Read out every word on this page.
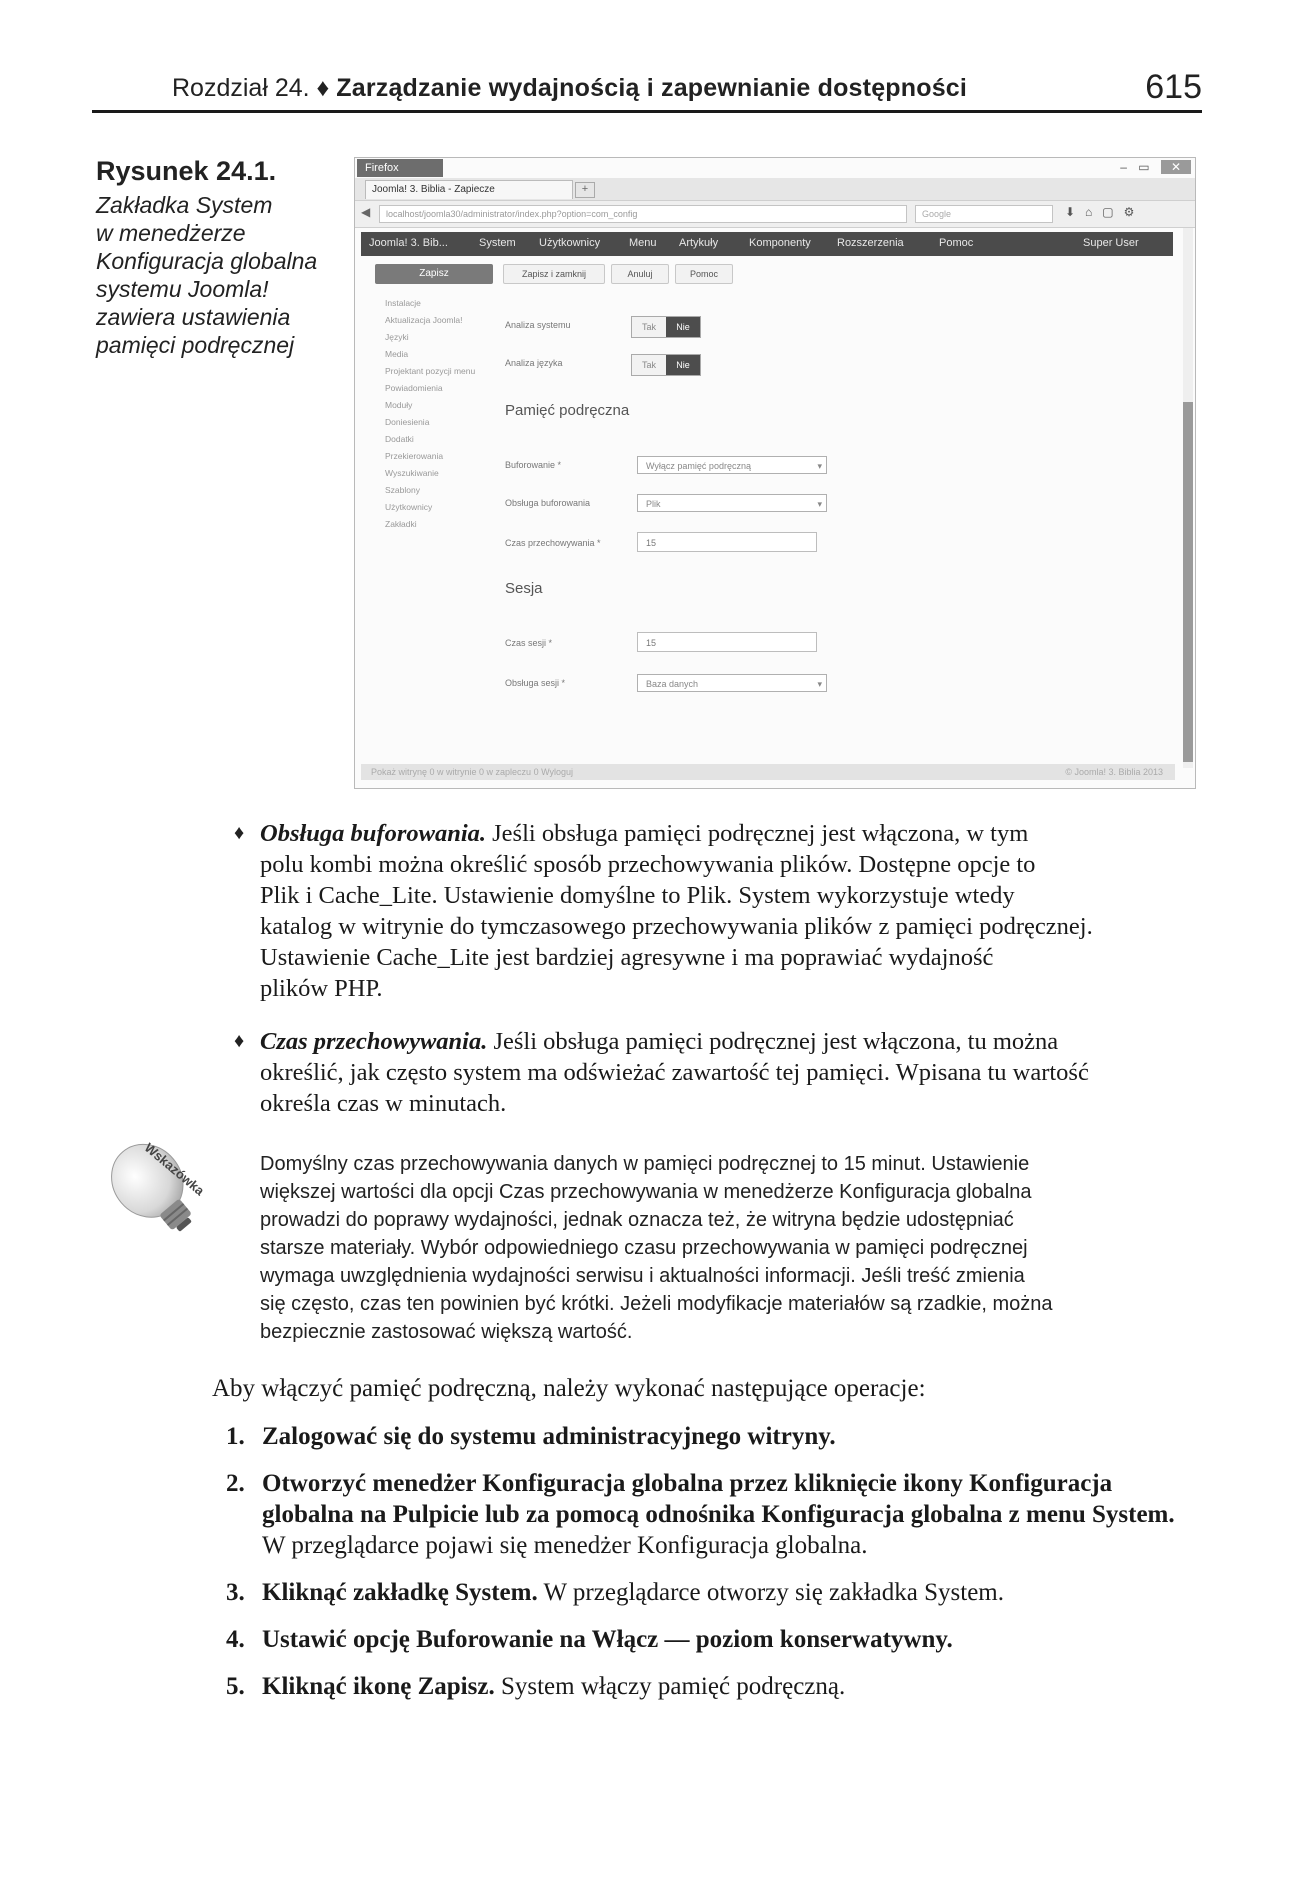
Rozdział 24. ♦ Zarządzanie wydajnością i zapewnianie dostępności	615
Rysunek 24.1.
Zakładka System
w menedżerze
Konfiguracja globalna
systemu Joomla!
zawiera ustawienia
pamięci podręcznej
Firefox	– ▭ ✕
Joomla! 3. Biblia - Zapiecze	+
◀	localhost/joomla30/administrator/index.php?option=com_config	Google	⬇⌂▢⚙
Joomla! 3. Bib...	System Użytkownicy	Menu Artykuły	Komponenty Rozszerzenia	Pomoc	Super User
Zapisz	Zapisz i zamknij	Anuluj	Pomoc
Instalacje
Aktualizacja Joomla!
Języki
Media
Projektant pozycji menu
Powiadomienia
Moduły
Doniesienia
Dodatki
Przekierowania
Wyszukiwanie
Szablony
Użytkownicy
Zakładki
Analiza systemu	Tak	Nie
Analiza języka	Tak	Nie
Pamięć podręczna
Buforowanie *	Wyłącz pamięć podręczną	▾
Obsługa buforowania	Plik	▾
Czas przechowywania *	15
Sesja
Czas sesji *	15
Obsługa sesji *	Baza danych	▾
Pokaż witrynę 0 w witrynie 0 w zapleczu 0 Wyloguj	© Joomla! 3. Biblia 2013
♦ Obsługa buforowania. Jeśli obsługa pamięci podręcznej jest włączona, w tym
polu kombi można określić sposób przechowywania plików. Dostępne opcje to
Plik i Cache_Lite. Ustawienie domyślne to Plik. System wykorzystuje wtedy
katalog w witrynie do tymczasowego przechowywania plików z pamięci podręcznej.
Ustawienie Cache_Lite jest bardziej agresywne i ma poprawiać wydajność
plików PHP.
♦ Czas przechowywania. Jeśli obsługa pamięci podręcznej jest włączona, tu można
określić, jak często system ma odświeżać zawartość tej pamięci. Wpisana tu wartość
określa czas w minutach.
Wskazówka	Domyślny czas przechowywania danych w pamięci podręcznej to 15 minut. Ustawienie
większej wartości dla opcji Czas przechowywania w menedżerze Konfiguracja globalna
prowadzi do poprawy wydajności, jednak oznacza też, że witryna będzie udostępniać
starsze materiały. Wybór odpowiedniego czasu przechowywania w pamięci podręcznej
wymaga uwzględnienia wydajności serwisu i aktualności informacji. Jeśli treść zmienia
się często, czas ten powinien być krótki. Jeżeli modyfikacje materiałów są rzadkie, można
bezpiecznie zastosować większą wartość.
Aby włączyć pamięć podręczną, należy wykonać następujące operacje:
1. Zalogować się do systemu administracyjnego witryny.
2. Otworzyć menedżer Konfiguracja globalna przez kliknięcie ikony Konfiguracja globalna na Pulpicie lub za pomocą odnośnika Konfiguracja globalna z menu System. W przeglądarce pojawi się menedżer Konfiguracja globalna.
3. Kliknąć zakładkę System. W przeglądarce otworzy się zakładka System.
4. Ustawić opcję Buforowanie na Włącz — poziom konserwatywny.
5. Kliknąć ikonę Zapisz. System włączy pamięć podręczną.
